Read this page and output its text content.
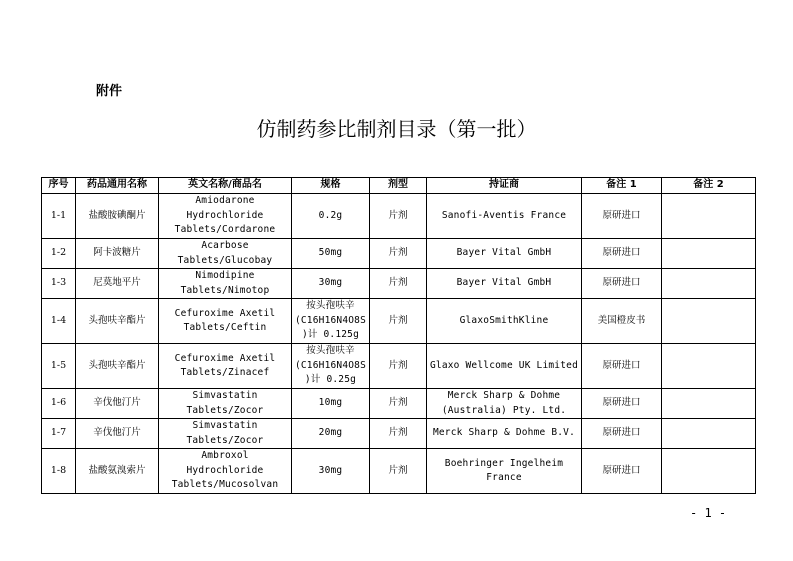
附件
仿制药参比制剂目录（第一批）
序号	药品通用名称	英文名称/商品名	规格	剂型	持证商	备注 1	备注 2
1-1	盐酸胺碘酮片	Amiodarone Hydrochloride Tablets/Cordarone	0.2g	片剂	Sanofi-Aventis France	原研进口	
1-2	阿卡波糖片	Acarbose Tablets/Glucobay	50mg	片剂	Bayer Vital GmbH	原研进口	
1-3	尼莫地平片	Nimodipine Tablets/Nimotop	30mg	片剂	Bayer Vital GmbH	原研进口	
1-4	头孢呋辛酯片	Cefuroxime Axetil Tablets/Ceftin	按头孢呋辛(C16H16N4O8S)计 0.125g	片剂	GlaxoSmithKline	美国橙皮书	
1-5	头孢呋辛酯片	Cefuroxime Axetil Tablets/Zinacef	按头孢呋辛(C16H16N4O8S)计 0.25g	片剂	Glaxo Wellcome UK Limited	原研进口	
1-6	辛伐他汀片	Simvastatin Tablets/Zocor	10mg	片剂	Merck Sharp & Dohme (Australia) Pty. Ltd.	原研进口	
1-7	辛伐他汀片	Simvastatin Tablets/Zocor	20mg	片剂	Merck Sharp & Dohme B.V.	原研进口	
1-8	盐酸氨溴索片	Ambroxol Hydrochloride Tablets/Mucosolvan	30mg	片剂	Boehringer Ingelheim France	原研进口	
- 1 -
